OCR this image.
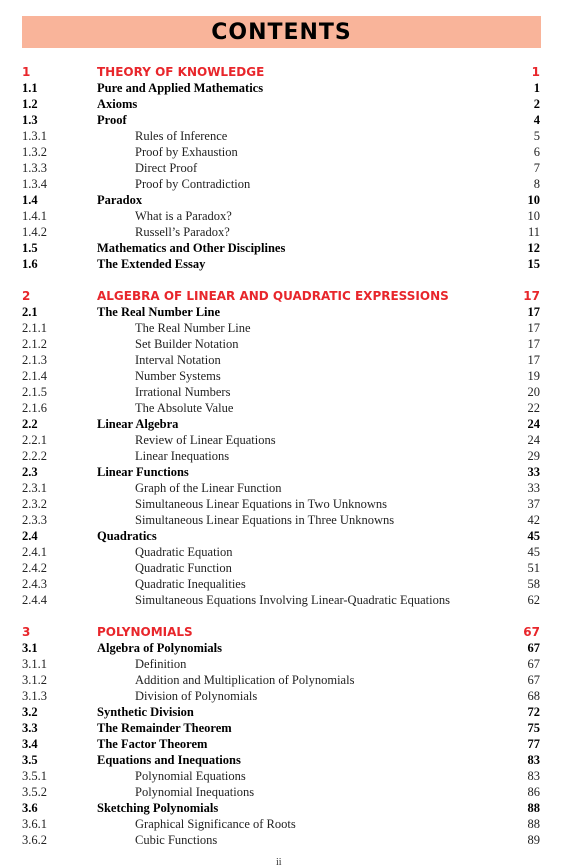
CONTENTS
1	THEORY OF KNOWLEDGE	1
1.1	Pure and Applied Mathematics	1
1.2	Axioms	2
1.3	Proof	4
1.3.1	Rules of Inference	5
1.3.2	Proof by Exhaustion	6
1.3.3	Direct Proof	7
1.3.4	Proof by Contradiction	8
1.4	Paradox	10
1.4.1	What is a Paradox?	10
1.4.2	Russell’s Paradox?	11
1.5	Mathematics and Other Disciplines	12
1.6	The Extended Essay	15
2	ALGEBRA OF LINEAR AND QUADRATIC EXPRESSIONS	17
2.1	The Real Number Line	17
2.1.1	The Real Number Line	17
2.1.2	Set Builder Notation	17
2.1.3	Interval Notation	17
2.1.4	Number Systems	19
2.1.5	Irrational Numbers	20
2.1.6	The Absolute Value	22
2.2	Linear Algebra	24
2.2.1	Review of Linear Equations	24
2.2.2	Linear Inequations	29
2.3	Linear Functions	33
2.3.1	Graph of the Linear Function	33
2.3.2	Simultaneous Linear Equations in Two Unknowns	37
2.3.3	Simultaneous Linear Equations in Three Unknowns	42
2.4	Quadratics	45
2.4.1	Quadratic Equation	45
2.4.2	Quadratic Function	51
2.4.3	Quadratic Inequalities	58
2.4.4	Simultaneous Equations Involving Linear-Quadratic Equations	62
3	POLYNOMIALS	67
3.1	Algebra of Polynomials	67
3.1.1	Definition	67
3.1.2	Addition and Multiplication of Polynomials	67
3.1.3	Division of Polynomials	68
3.2	Synthetic Division	72
3.3	The Remainder Theorem	75
3.4	The Factor Theorem	77
3.5	Equations and Inequations	83
3.5.1	Polynomial Equations	83
3.5.2	Polynomial Inequations	86
3.6	Sketching Polynomials	88
3.6.1	Graphical Significance of Roots	88
3.6.2	Cubic Functions	89
ii
